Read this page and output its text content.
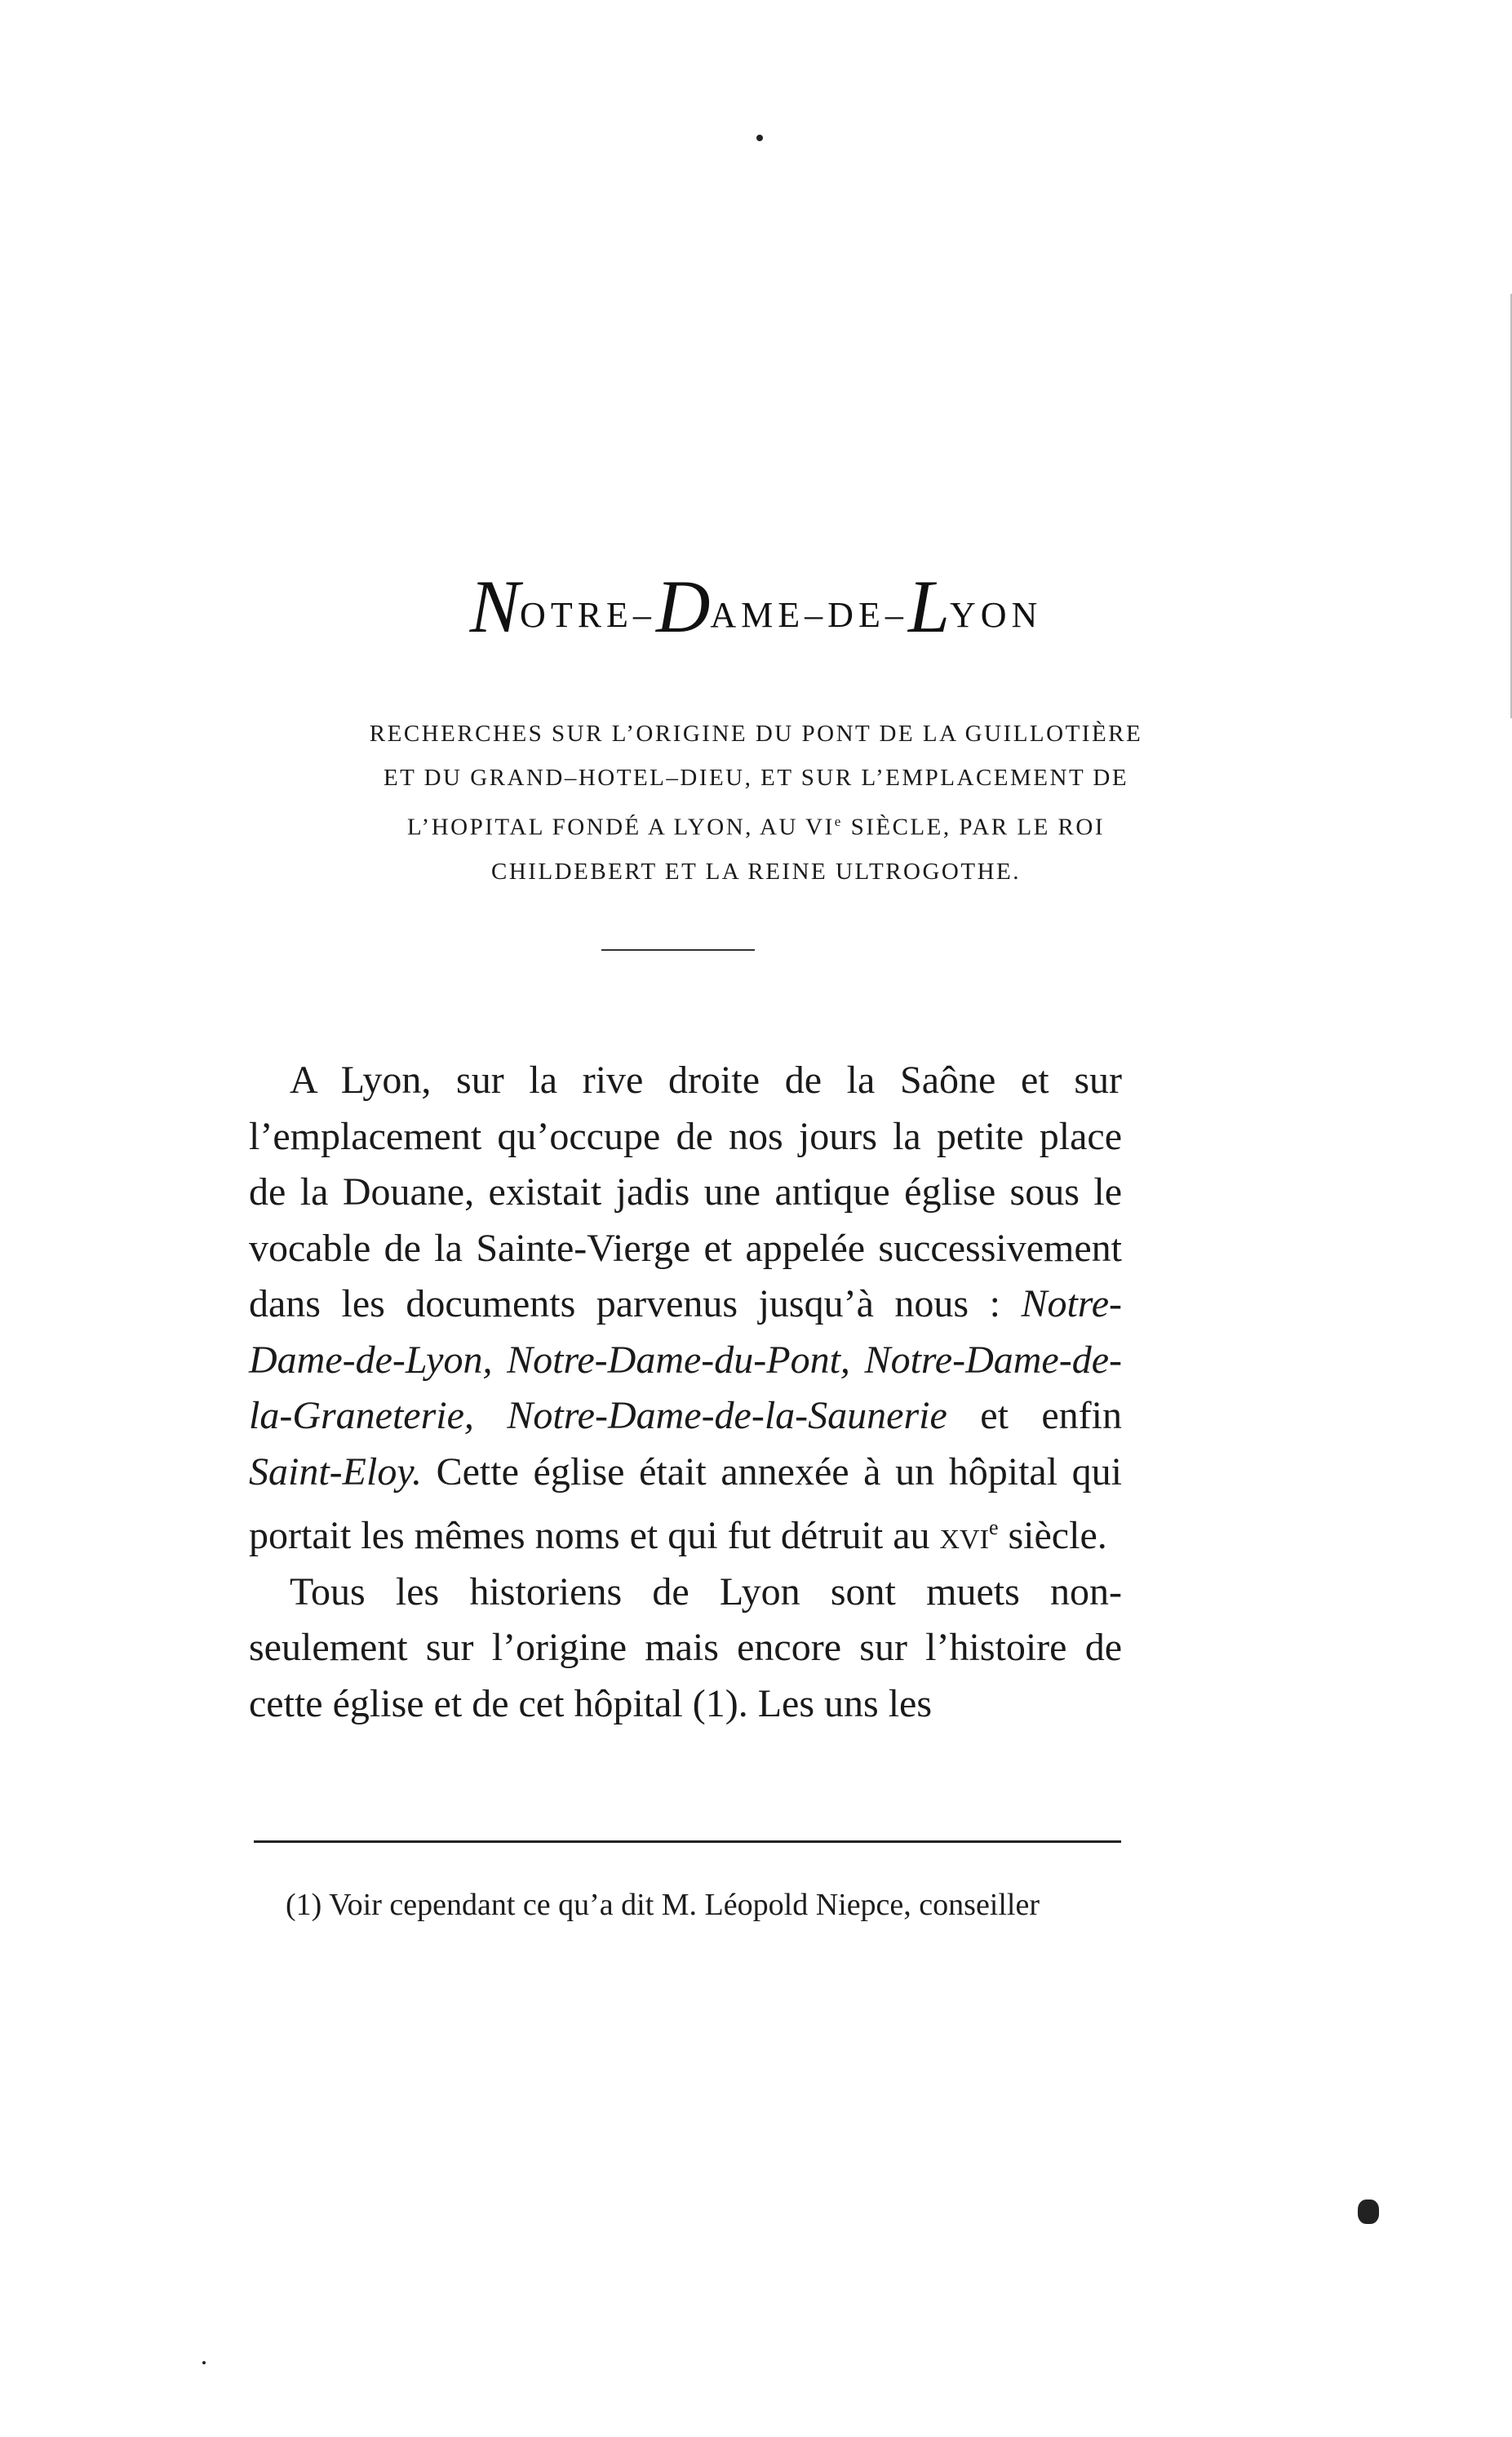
NOTRE–DAME–DE–LYON
RECHERCHES SUR L’ORIGINE DU PONT DE LA GUILLOTIÈRE
ET DU GRAND–HOTEL–DIEU, ET SUR L’EMPLACEMENT DE
L’HOPITAL FONDÉ A LYON, AU VIe SIÈCLE, PAR LE ROI
CHILDEBERT ET LA REINE ULTROGOTHE.

A Lyon, sur la rive droite de la Saône et sur l’emplacement qu’occupe de nos jours la petite place de la Douane, existait jadis une antique église sous le vocable de la Sainte-Vierge et appelée successivement dans les documents parvenus jusqu’à nous : Notre-Dame-de-Lyon, Notre-Dame-du-Pont, Notre-Dame-de-la-Graneterie, Notre-Dame-de-la-Saunerie et enfin Saint-Eloy. Cette église était annexée à un hôpital qui portait les mêmes noms et qui fut détruit au xvi$^e$ siècle.

Tous les historiens de Lyon sont muets non-seulement sur l’origine mais encore sur l’histoire de cette église et de cet hôpital (1). Les uns les

(1) Voir cependant ce qu’a dit M. Léopold Niepce, conseiller
